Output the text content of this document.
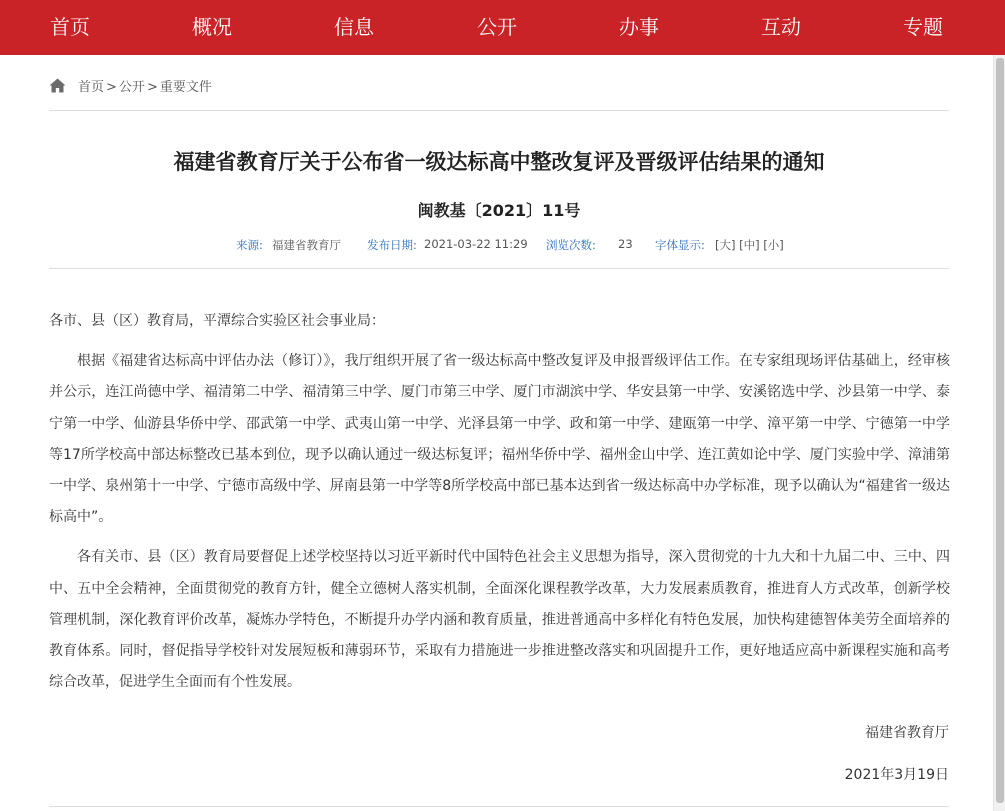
首页	概况	信息	公开	办事	互动	专题
首页 > 公开 > 重要文件
福建省教育厅关于公布省一级达标高中整改复评及晋级评估结果的通知
闽教基〔2021〕11号
来源: 福建省教育厅 发布日期: 2021-03-22 11:29 浏览次数: 23 字体显示: [大] [中] [小]

各市、县（区）教育局，平潭综合实验区社会事业局：

根据《福建省达标高中评估办法（修订）》，我厅组织开展了省一级达标高中整改复评及申报晋级评估工作。在专家组现场评估基础上，经审核并公示，连江尚德中学、福清第二中学、福清第三中学、厦门市第三中学、厦门市湖滨中学、华安县第一中学、安溪铭选中学、沙县第一中学、泰宁第一中学、仙游县华侨中学、邵武第一中学、武夷山第一中学、光泽县第一中学、政和第一中学、建瓯第一中学、漳平第一中学、宁德第一中学等17所学校高中部达标整改已基本到位，现予以确认通过一级达标复评；福州华侨中学、福州金山中学、连江黄如论中学、厦门实验中学、漳浦第一中学、泉州第十一中学、宁德市高级中学、屏南县第一中学等8所学校高中部已基本达到省一级达标高中办学标准，现予以确认为“福建省一级达标高中”。

各有关市、县（区）教育局要督促上述学校坚持以习近平新时代中国特色社会主义思想为指导，深入贯彻党的十九大和十九届二中、三中、四中、五中全会精神，全面贯彻党的教育方针，健全立德树人落实机制，全面深化课程教学改革，大力发展素质教育，推进育人方式改革，创新学校管理机制，深化教育评价改革，凝炼办学特色，不断提升办学内涵和教育质量，推进普通高中多样化有特色发展，加快构建德智体美劳全面培养的教育体系。同时，督促指导学校针对发展短板和薄弱环节，采取有力措施进一步推进整改落实和巩固提升工作，更好地适应高中新课程实施和高考综合改革，促进学生全面而有个性发展。

福建省教育厅
2021年3月19日
